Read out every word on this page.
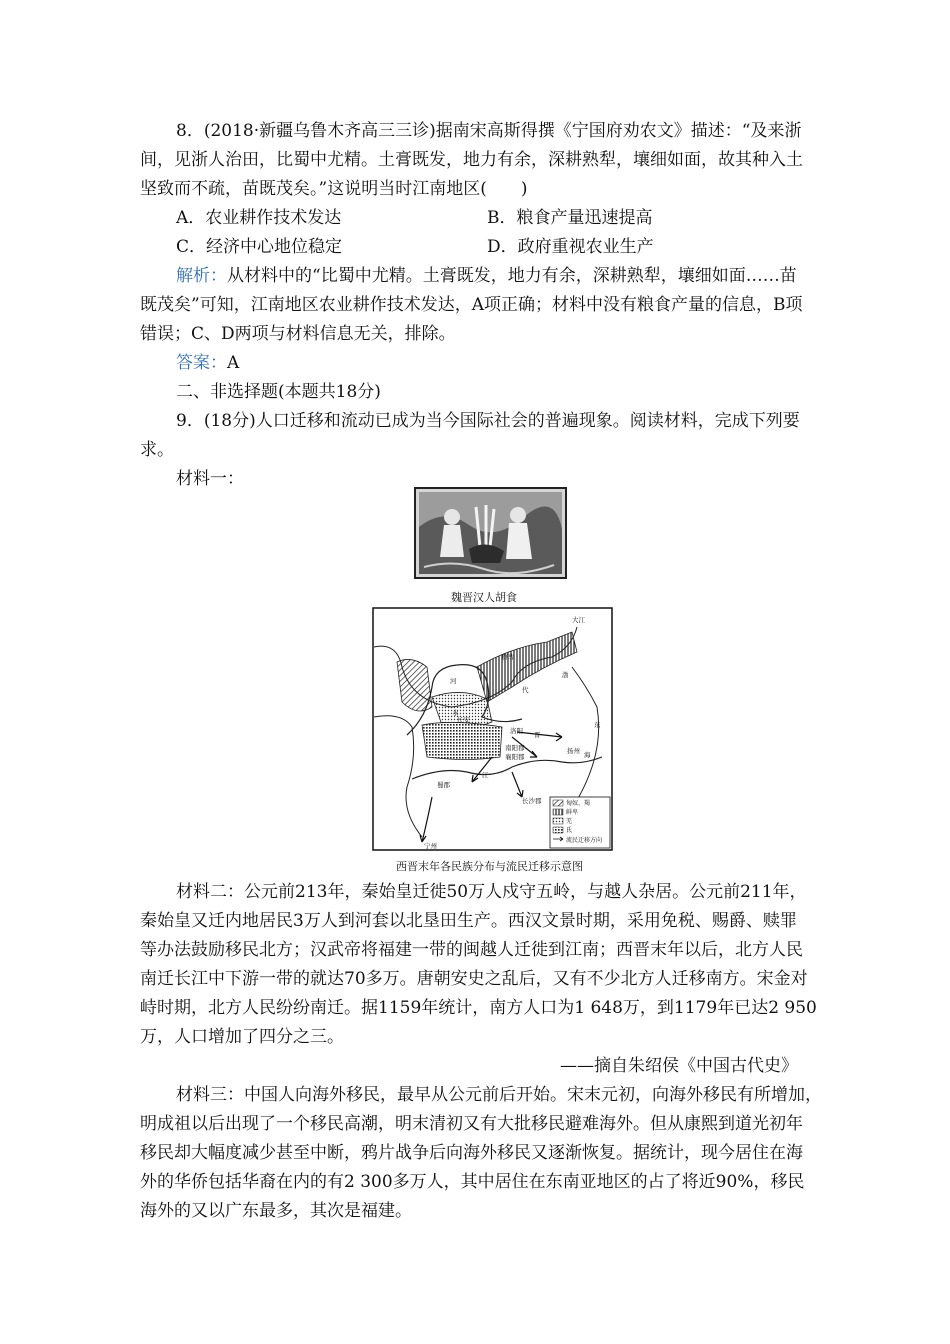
8．(2018·新疆乌鲁木齐高三三诊)据南宋高斯得撰《宁国府劝农文》描述：“及来浙
间，见浙人治田，比蜀中尤精。土膏既发，地力有余，深耕熟犁，壤细如面，故其种入土
坚致而不疏，苗既茂矣。”这说明当时江南地区(　　)
A．农业耕作技术发达	B．粮食产量迅速提高
C．经济中心地位稳定	D．政府重视农业生产
解析：从材料中的“比蜀中尤精。土膏既发，地力有余，深耕熟犁，壤细如面……苗
既茂矣”可知，江南地区农业耕作技术发达，A项正确；材料中没有粮食产量的信息，B项
错误；C、D两项与材料信息无关，排除。
答案：A
二、非选择题(本题共18分)
9．(18分)人口迁移和流动已成为当今国际社会的普遍现象。阅读材料，完成下列要
求。
材料一：
魏晋汉人胡食
匈奴、羯
鲜卑
羌
氐
流民迁移方向
河
水
长安
洛阳
南阳郡
襄阳郡
蜀郡
长沙郡
扬州
宁州
江
东
海
渤
代
鲜卑
晋
大江
西晋末年各民族分布与流民迁移示意图
材料二：公元前213年，秦始皇迁徙50万人戍守五岭，与越人杂居。公元前211年，
秦始皇又迁内地居民3万人到河套以北垦田生产。西汉文景时期，采用免税、赐爵、赎罪
等办法鼓励移民北方；汉武帝将福建一带的闽越人迁徙到江南；西晋末年以后，北方人民
南迁长江中下游一带的就达70多万。唐朝安史之乱后，又有不少北方人迁移南方。宋金对
峙时期，北方人民纷纷南迁。据1159年统计，南方人口为1 648万，到1179年已达2 950
万，人口增加了四分之三。
——摘自朱绍侯《中国古代史》
材料三：中国人向海外移民，最早从公元前后开始。宋末元初，向海外移民有所增加，
明成祖以后出现了一个移民高潮，明末清初又有大批移民避难海外。但从康熙到道光初年
移民却大幅度减少甚至中断，鸦片战争后向海外移民又逐渐恢复。据统计，现今居住在海
外的华侨包括华裔在内的有2 300多万人，其中居住在东南亚地区的占了将近90%，移民
海外的又以广东最多，其次是福建。
